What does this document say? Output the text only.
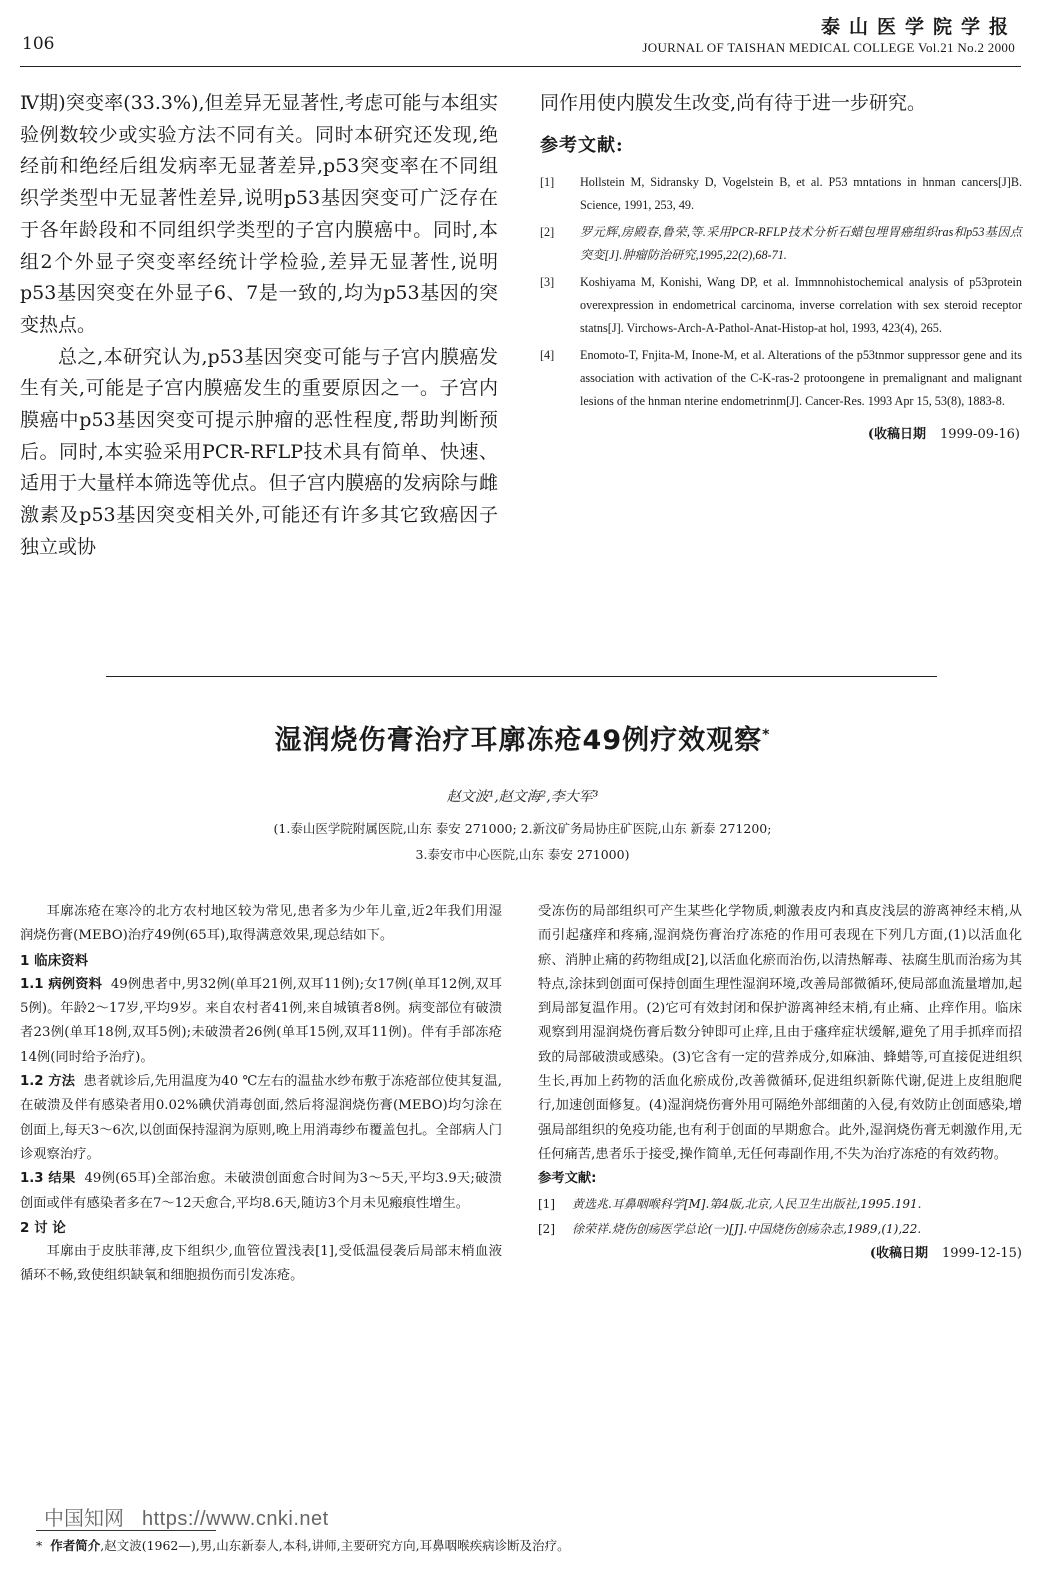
106
泰山医学院学报
JOURNAL OF TAISHAN MEDICAL COLLEGE Vol.21 No.2 2000

Ⅳ期)突变率(33.3%),但差异无显著性,考虑可能与本组实验例数较少或实验方法不同有关。同时本研究还发现,绝经前和绝经后组发病率无显著差异,p53突变率在不同组织学类型中无显著性差异,说明p53基因突变可广泛存在于各年龄段和不同组织学类型的子宫内膜癌中。同时,本组2个外显子突变率经统计学检验,差异无显著性,说明p53基因突变在外显子6、7是一致的,均为p53基因的突变热点。

总之,本研究认为,p53基因突变可能与子宫内膜癌发生有关,可能是子宫内膜癌发生的重要原因之一。子宫内膜癌中p53基因突变可提示肿瘤的恶性程度,帮助判断预后。同时,本实验采用PCR-RFLP技术具有简单、快速、适用于大量样本筛选等优点。但子宫内膜癌的发病除与雌激素及p53基因突变相关外,可能还有许多其它致癌因子独立或协

同作用使内膜发生改变,尚有待于进一步研究。
参考文献:
[1]	Hollstein M, Sidransky D, Vogelstein B, et al. P53 mntations in hnman cancers[J]B. Science, 1991, 253, 49.
[2]	罗元辉,房殿春,鲁荣,等.采用PCR-RFLP技术分析石蜡包埋胃癌组织ras和p53基因点突变[J].肿瘤防治研究,1995,22(2),68-71.
[3]	Koshiyama M, Konishi, Wang DP, et al. Immnnohistochemical analysis of p53protein overexpression in endometrical carcinoma, inverse correlation with sex steroid receptor statns[J]. Virchows-Arch-A-Pathol-Anat-Histop-at hol, 1993, 423(4), 265.
[4]	Enomoto-T, Fnjita-M, Inone-M, et al. Alterations of the p53tnmor suppressor gene and its association with activation of the C-K-ras-2 protoongene in premalignant and malignant lesions of the hnman nterine endometrinm[J]. Cancer-Res. 1993 Apr 15, 53(8), 1883-8.
(收稿日期 1999-09-16)
湿润烧伤膏治疗耳廓冻疮49例疗效观察*
赵文波¹,赵文海²,李大军³
(1.泰山医学院附属医院,山东 泰安 271000; 2.新汶矿务局协庄矿医院,山东 新泰 271200;
3.泰安市中心医院,山东 泰安 271000)

耳廓冻疮在寒冷的北方农村地区较为常见,患者多为少年儿童,近2年我们用湿润烧伤膏(MEBO)治疗49例(65耳),取得满意效果,现总结如下。

1 临床资料

1.1 病例资料 49例患者中,男32例(单耳21例,双耳11例);女17例(单耳12例,双耳5例)。年龄2～17岁,平均9岁。来自农村者41例,来自城镇者8例。病变部位有破溃者23例(单耳18例,双耳5例);未破溃者26例(单耳15例,双耳11例)。伴有手部冻疮14例(同时给予治疗)。

1.2 方法 患者就诊后,先用温度为40 ℃左右的温盐水纱布敷于冻疮部位使其复温,在破溃及伴有感染者用0.02%碘伏消毒创面,然后将湿润烧伤膏(MEBO)均匀涂在创面上,每天3～6次,以创面保持湿润为原则,晚上用消毒纱布覆盖包扎。全部病人门诊观察治疗。

1.3 结果 49例(65耳)全部治愈。未破溃创面愈合时间为3～5天,平均3.9天;破溃创面或伴有感染者多在7～12天愈合,平均8.6天,随访3个月未见瘢痕性增生。

2 讨 论

耳廓由于皮肤菲薄,皮下组织少,血管位置浅表[1],受低温侵袭后局部末梢血液循环不畅,致使组织缺氧和细胞损伤而引发冻疮。

受冻伤的局部组织可产生某些化学物质,刺激表皮内和真皮浅层的游离神经末梢,从而引起瘙痒和疼痛,湿润烧伤膏治疗冻疮的作用可表现在下列几方面,(1)以活血化瘀、消肿止痛的药物组成[2],以活血化瘀而治伤,以清热解毒、祛腐生肌而治疡为其特点,涂抹到创面可保持创面生理性湿润环境,改善局部微循环,使局部血流量增加,起到局部复温作用。(2)它可有效封闭和保护游离神经末梢,有止痛、止痒作用。临床观察到用湿润烧伤膏后数分钟即可止痒,且由于瘙痒症状缓解,避免了用手抓痒而招致的局部破溃或感染。(3)它含有一定的营养成分,如麻油、蜂蜡等,可直接促进组织生长,再加上药物的活血化瘀成份,改善微循环,促进组织新陈代谢,促进上皮组胞爬行,加速创面修复。(4)湿润烧伤膏外用可隔绝外部细菌的入侵,有效防止创面感染,增强局部组织的免疫功能,也有利于创面的早期愈合。此外,湿润烧伤膏无刺激作用,无任何痛苦,患者乐于接受,操作简单,无任何毒副作用,不失为治疗冻疮的有效药物。

参考文献:

[1]	黄选兆.耳鼻咽喉科学[M].第4版,北京,人民卫生出版社,1995.191.
[2]	徐荣祥.烧伤创疡医学总论(一)[J].中国烧伤创疡杂志,1989,(1),22.
(收稿日期 1999-12-15)
中国知网 https://www.cnki.net
* 作者简介,赵文波(1962—),男,山东新泰人,本科,讲师,主要研究方向,耳鼻咽喉疾病诊断及治疗。
